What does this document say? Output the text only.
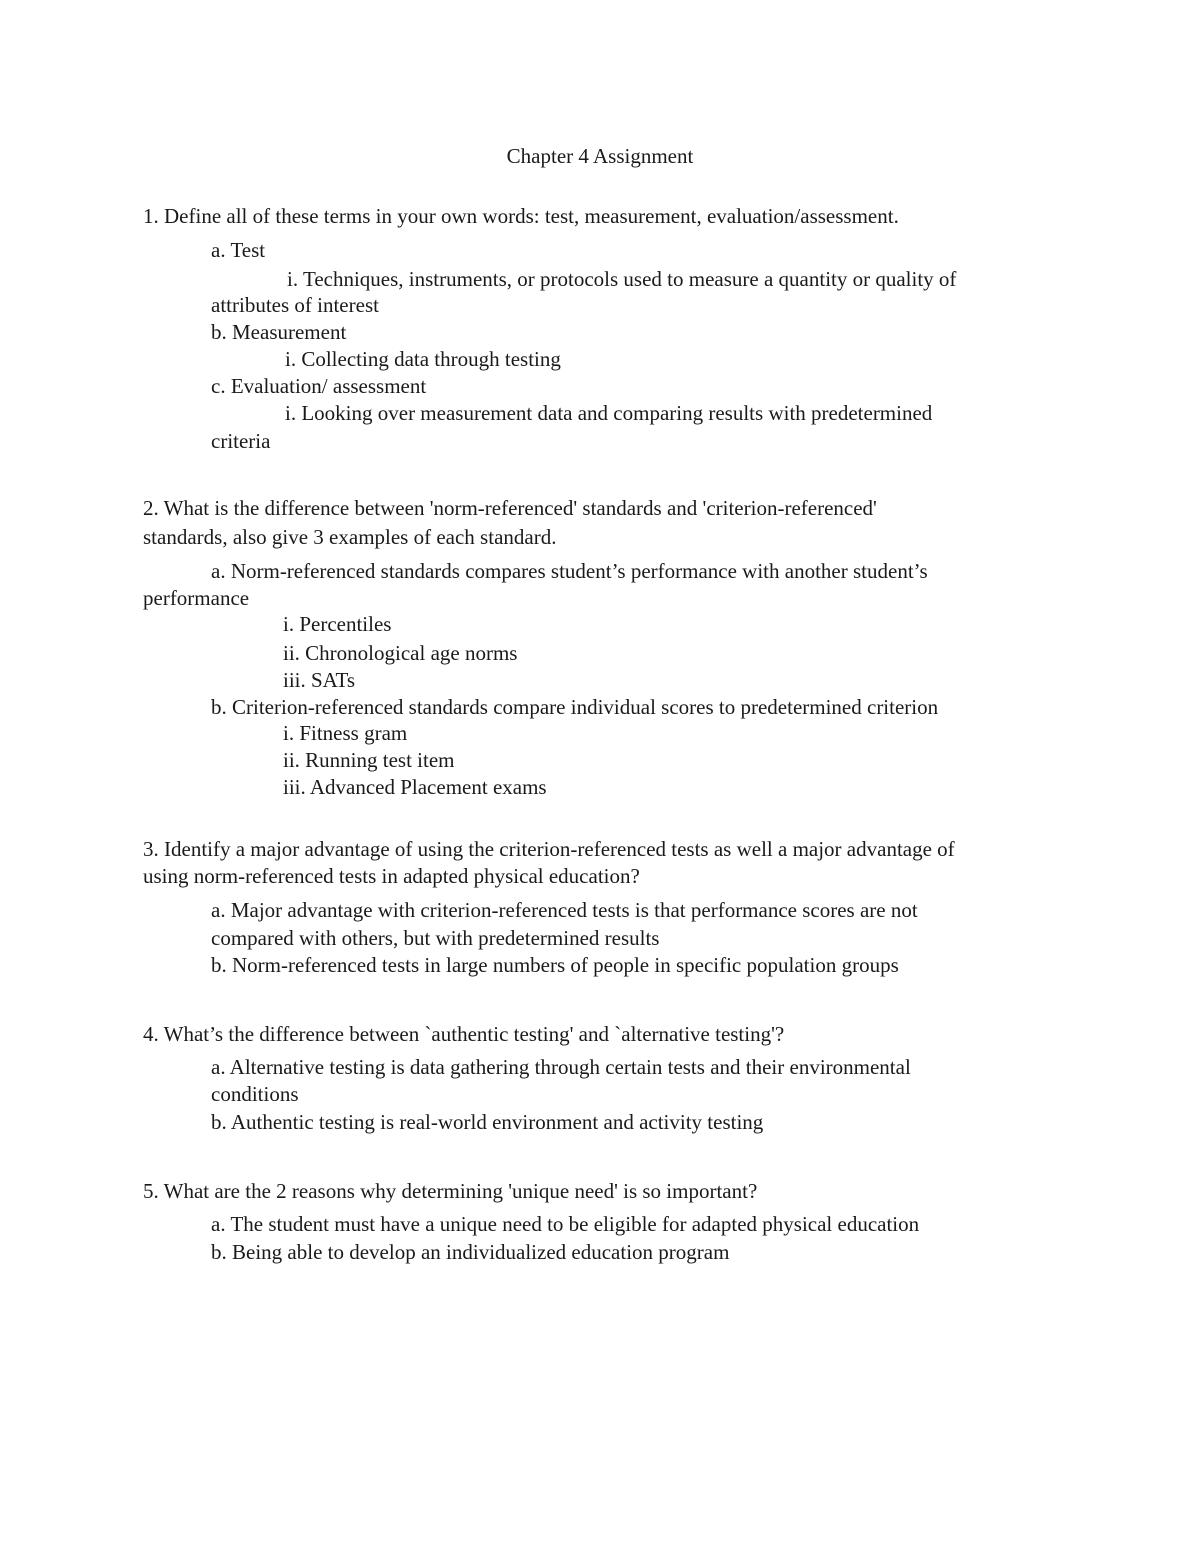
Chapter 4 Assignment
1. Define all of these terms in your own words: test, measurement, evaluation/assessment.
a. Test
i. Techniques, instruments, or protocols used to measure a quantity or quality of
attributes of interest
b. Measurement
i. Collecting data through testing
c. Evaluation/ assessment
i. Looking over measurement data and comparing results with predetermined
criteria
2. What is the difference between 'norm-referenced' standards and 'criterion-referenced'
standards, also give 3 examples of each standard.
a. Norm-referenced standards compares student’s performance with another student’s
performance
i. Percentiles
ii. Chronological age norms
iii. SATs
b. Criterion-referenced standards compare individual scores to predetermined criterion
i. Fitness gram
ii. Running test item
iii. Advanced Placement exams
3. Identify a major advantage of using the criterion-referenced tests as well a major advantage of
using norm-referenced tests in adapted physical education?
a. Major advantage with criterion-referenced tests is that performance scores are not
compared with others, but with predetermined results
b. Norm-referenced tests in large numbers of people in specific population groups
4. What’s the difference between `authentic testing' and `alternative testing'?
a. Alternative testing is data gathering through certain tests and their environmental
conditions
b. Authentic testing is real-world environment and activity testing
5. What are the 2 reasons why determining 'unique need' is so important?
a. The student must have a unique need to be eligible for adapted physical education
b. Being able to develop an individualized education program
